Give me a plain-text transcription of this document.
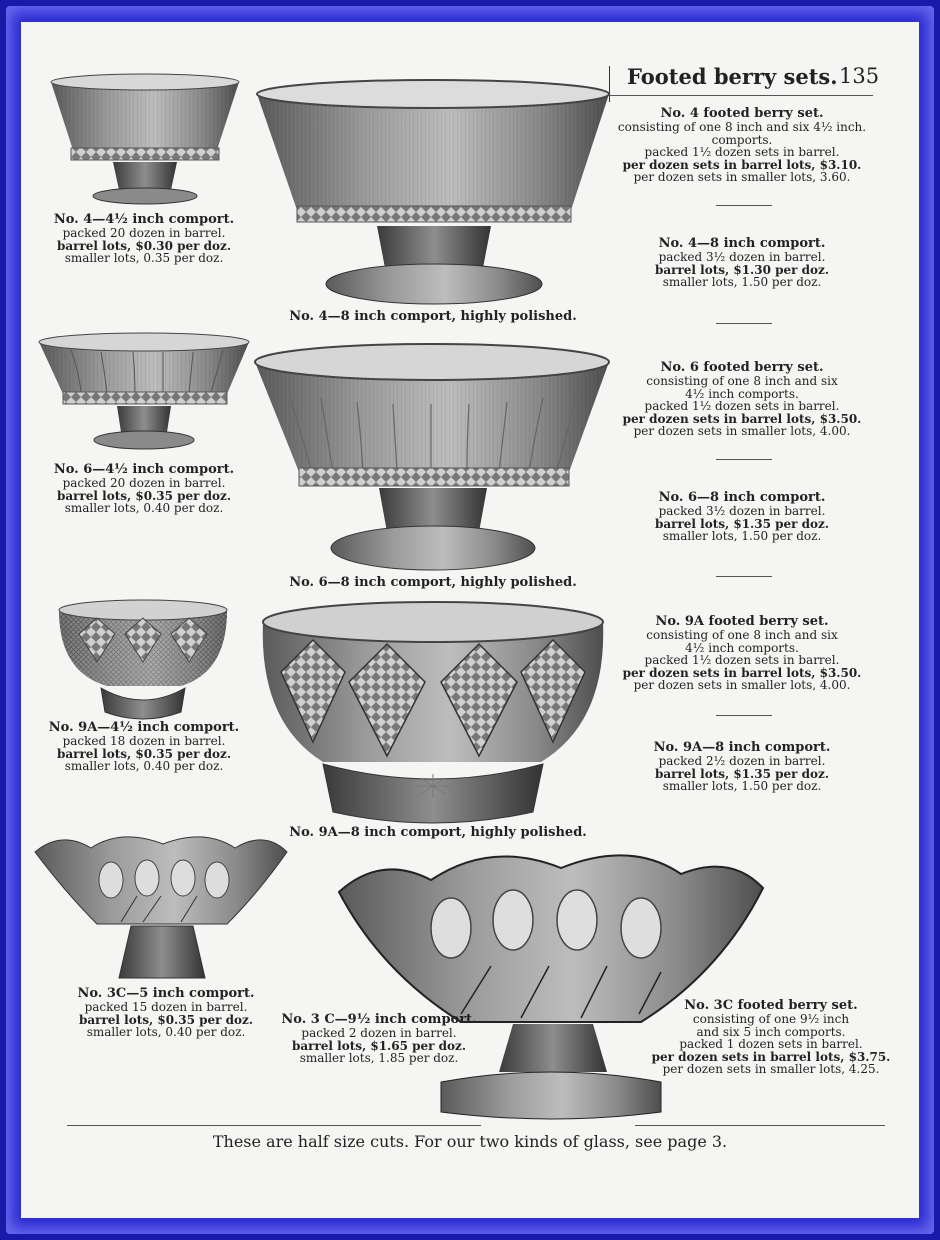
Footed berry sets. 135
No. 4—4½ inch comport.
packed 20 dozen in barrel.
barrel lots, $0.30 per doz.
smaller lots, 0.35 per doz.
No. 6—4½ inch comport.
packed 20 dozen in barrel.
barrel lots, $0.35 per doz.
smaller lots, 0.40 per doz.
No. 9A—4½ inch comport.
packed 18 dozen in barrel.
barrel lots, $0.35 per doz.
smaller lots, 0.40 per doz.
No. 3C—5 inch comport.
packed 15 dozen in barrel.
barrel lots, $0.35 per doz.
smaller lots, 0.40 per doz.
No. 4—8 inch comport, highly polished.
No. 6—8 inch comport, highly polished.
No. 9A—8 inch comport, highly polished.
No. 3 C—9½ inch comport.
packed 2 dozen in barrel.
barrel lots, $1.65 per doz.
smaller lots, 1.85 per doz.
No. 4 footed berry set.
consisting of one 8 inch and six 4½ inch.
comports.
packed 1½ dozen sets in barrel.
per dozen sets in barrel lots, $3.10.
per dozen sets in smaller lots, 3.60.
No. 4—8 inch comport.
packed 3½ dozen in barrel.
barrel lots, $1.30 per doz.
smaller lots, 1.50 per doz.
No. 6 footed berry set.
consisting of one 8 inch and six
4½ inch comports.
packed 1½ dozen sets in barrel.
per dozen sets in barrel lots, $3.50.
per dozen sets in smaller lots, 4.00.
No. 6—8 inch comport.
packed 3½ dozen in barrel.
barrel lots, $1.35 per doz.
smaller lots, 1.50 per doz.
No. 9A footed berry set.
consisting of one 8 inch and six
4½ inch comports.
packed 1½ dozen sets in barrel.
per dozen sets in barrel lots, $3.50.
per dozen sets in smaller lots, 4.00.
No. 9A—8 inch comport.
packed 2½ dozen in barrel.
barrel lots, $1.35 per doz.
smaller lots, 1.50 per doz.
No. 3C footed berry set.
consisting of one 9½ inch
and six 5 inch comports.
packed 1 dozen sets in barrel.
per dozen sets in barrel lots, $3.75.
per dozen sets in smaller lots, 4.25.
These are half size cuts. For our two kinds of glass, see page 3.
